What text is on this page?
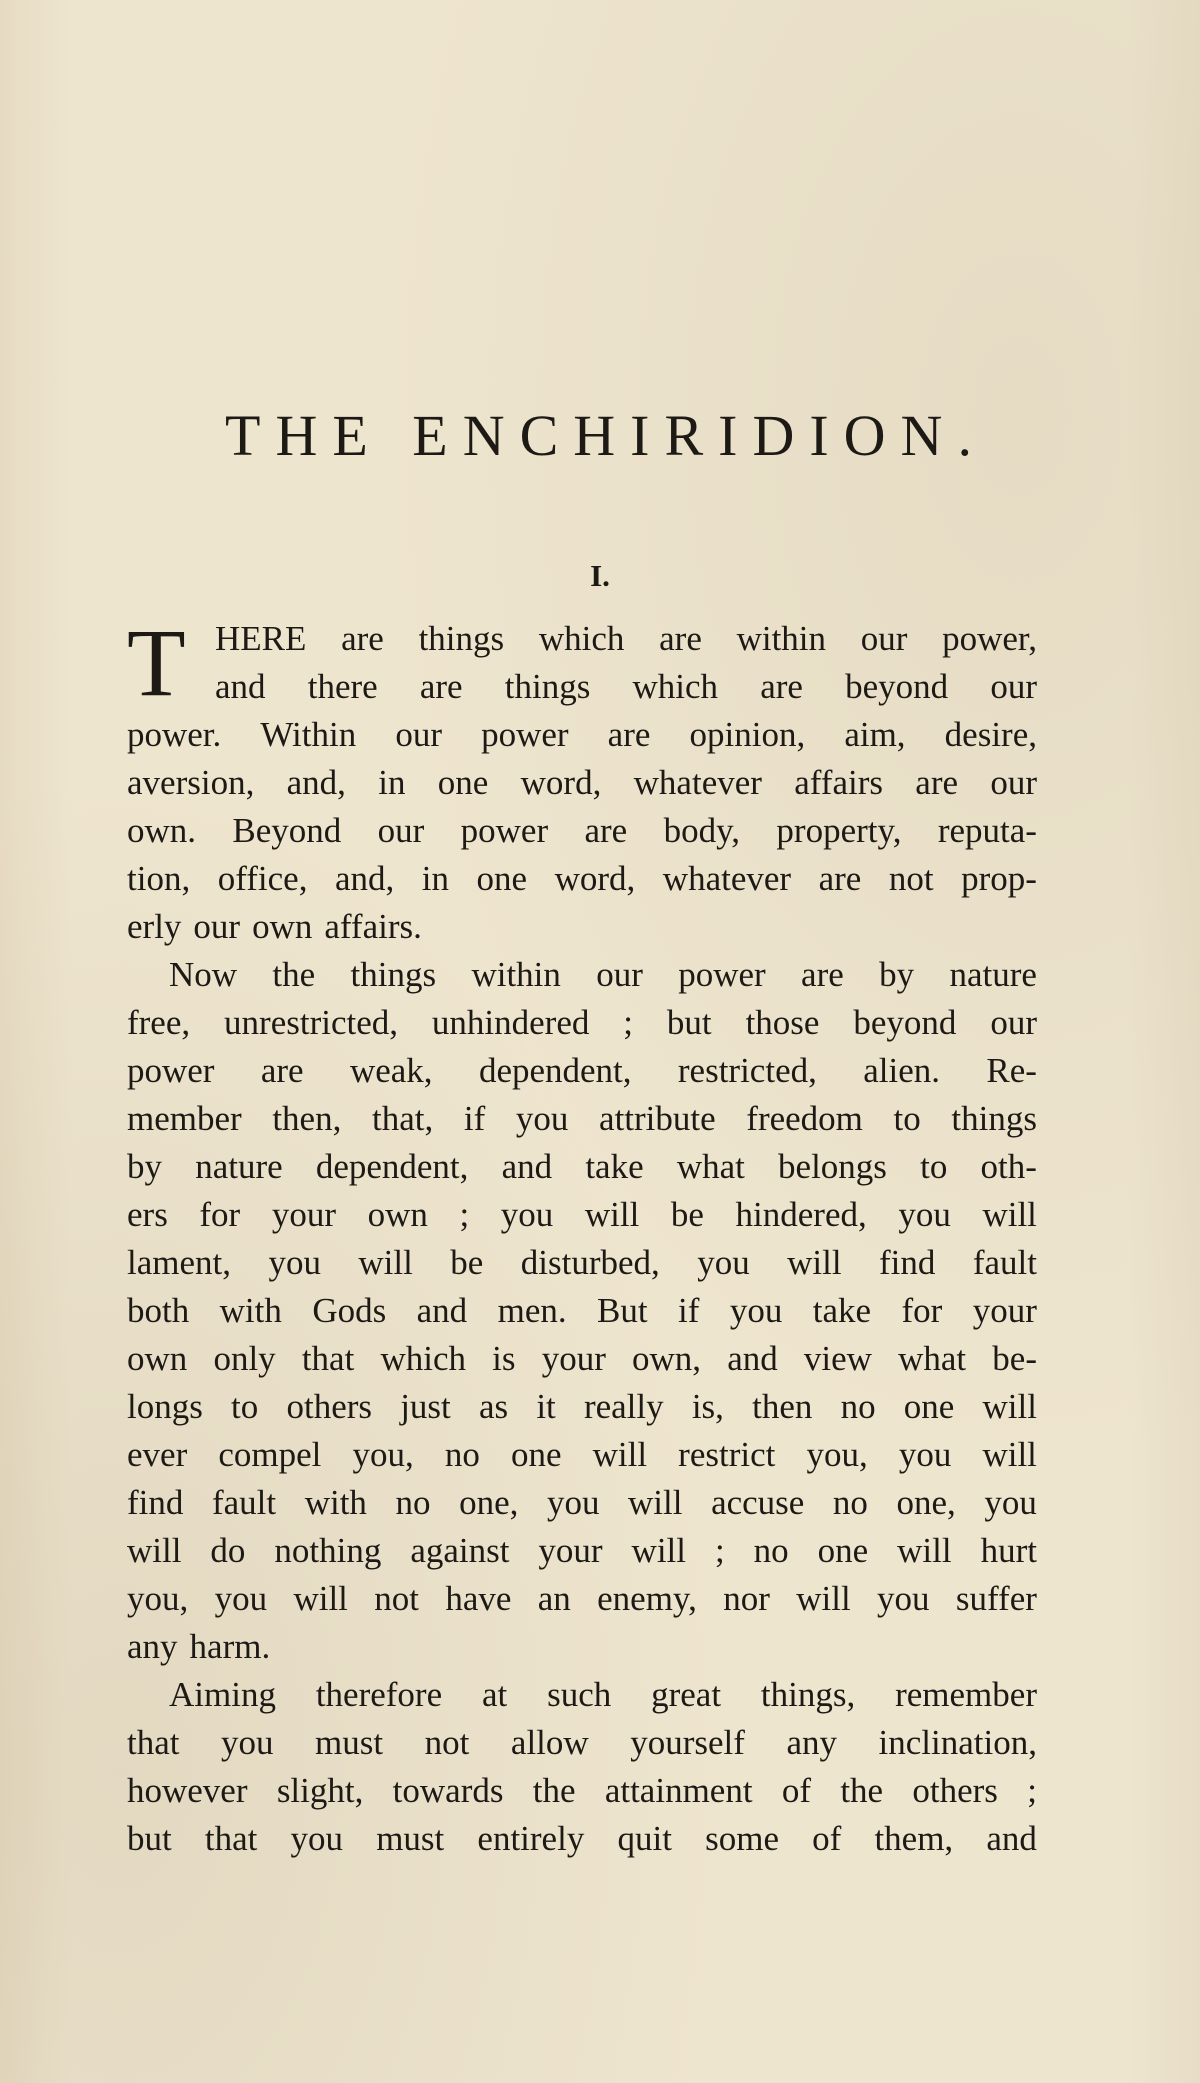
THE ENCHIRIDION.
I.
T HERE are things which are within our power,
and there are things which are beyond our
power. Within our power are opinion, aim, desire,
aversion, and, in one word, whatever affairs are our
own. Beyond our power are body, property, reputa-
tion, office, and, in one word, whatever are not prop-
erly our own affairs.
Now the things within our power are by nature
free, unrestricted, unhindered ; but those beyond our
power are weak, dependent, restricted, alien. Re-
member then, that, if you attribute freedom to things
by nature dependent, and take what belongs to oth-
ers for your own ; you will be hindered, you will
lament, you will be disturbed, you will find fault
both with Gods and men. But if you take for your
own only that which is your own, and view what be-
longs to others just as it really is, then no one will
ever compel you, no one will restrict you, you will
find fault with no one, you will accuse no one, you
will do nothing against your will ; no one will hurt
you, you will not have an enemy, nor will you suffer
any harm.
Aiming therefore at such great things, remember
that you must not allow yourself any inclination,
however slight, towards the attainment of the others ;
but that you must entirely quit some of them, and
